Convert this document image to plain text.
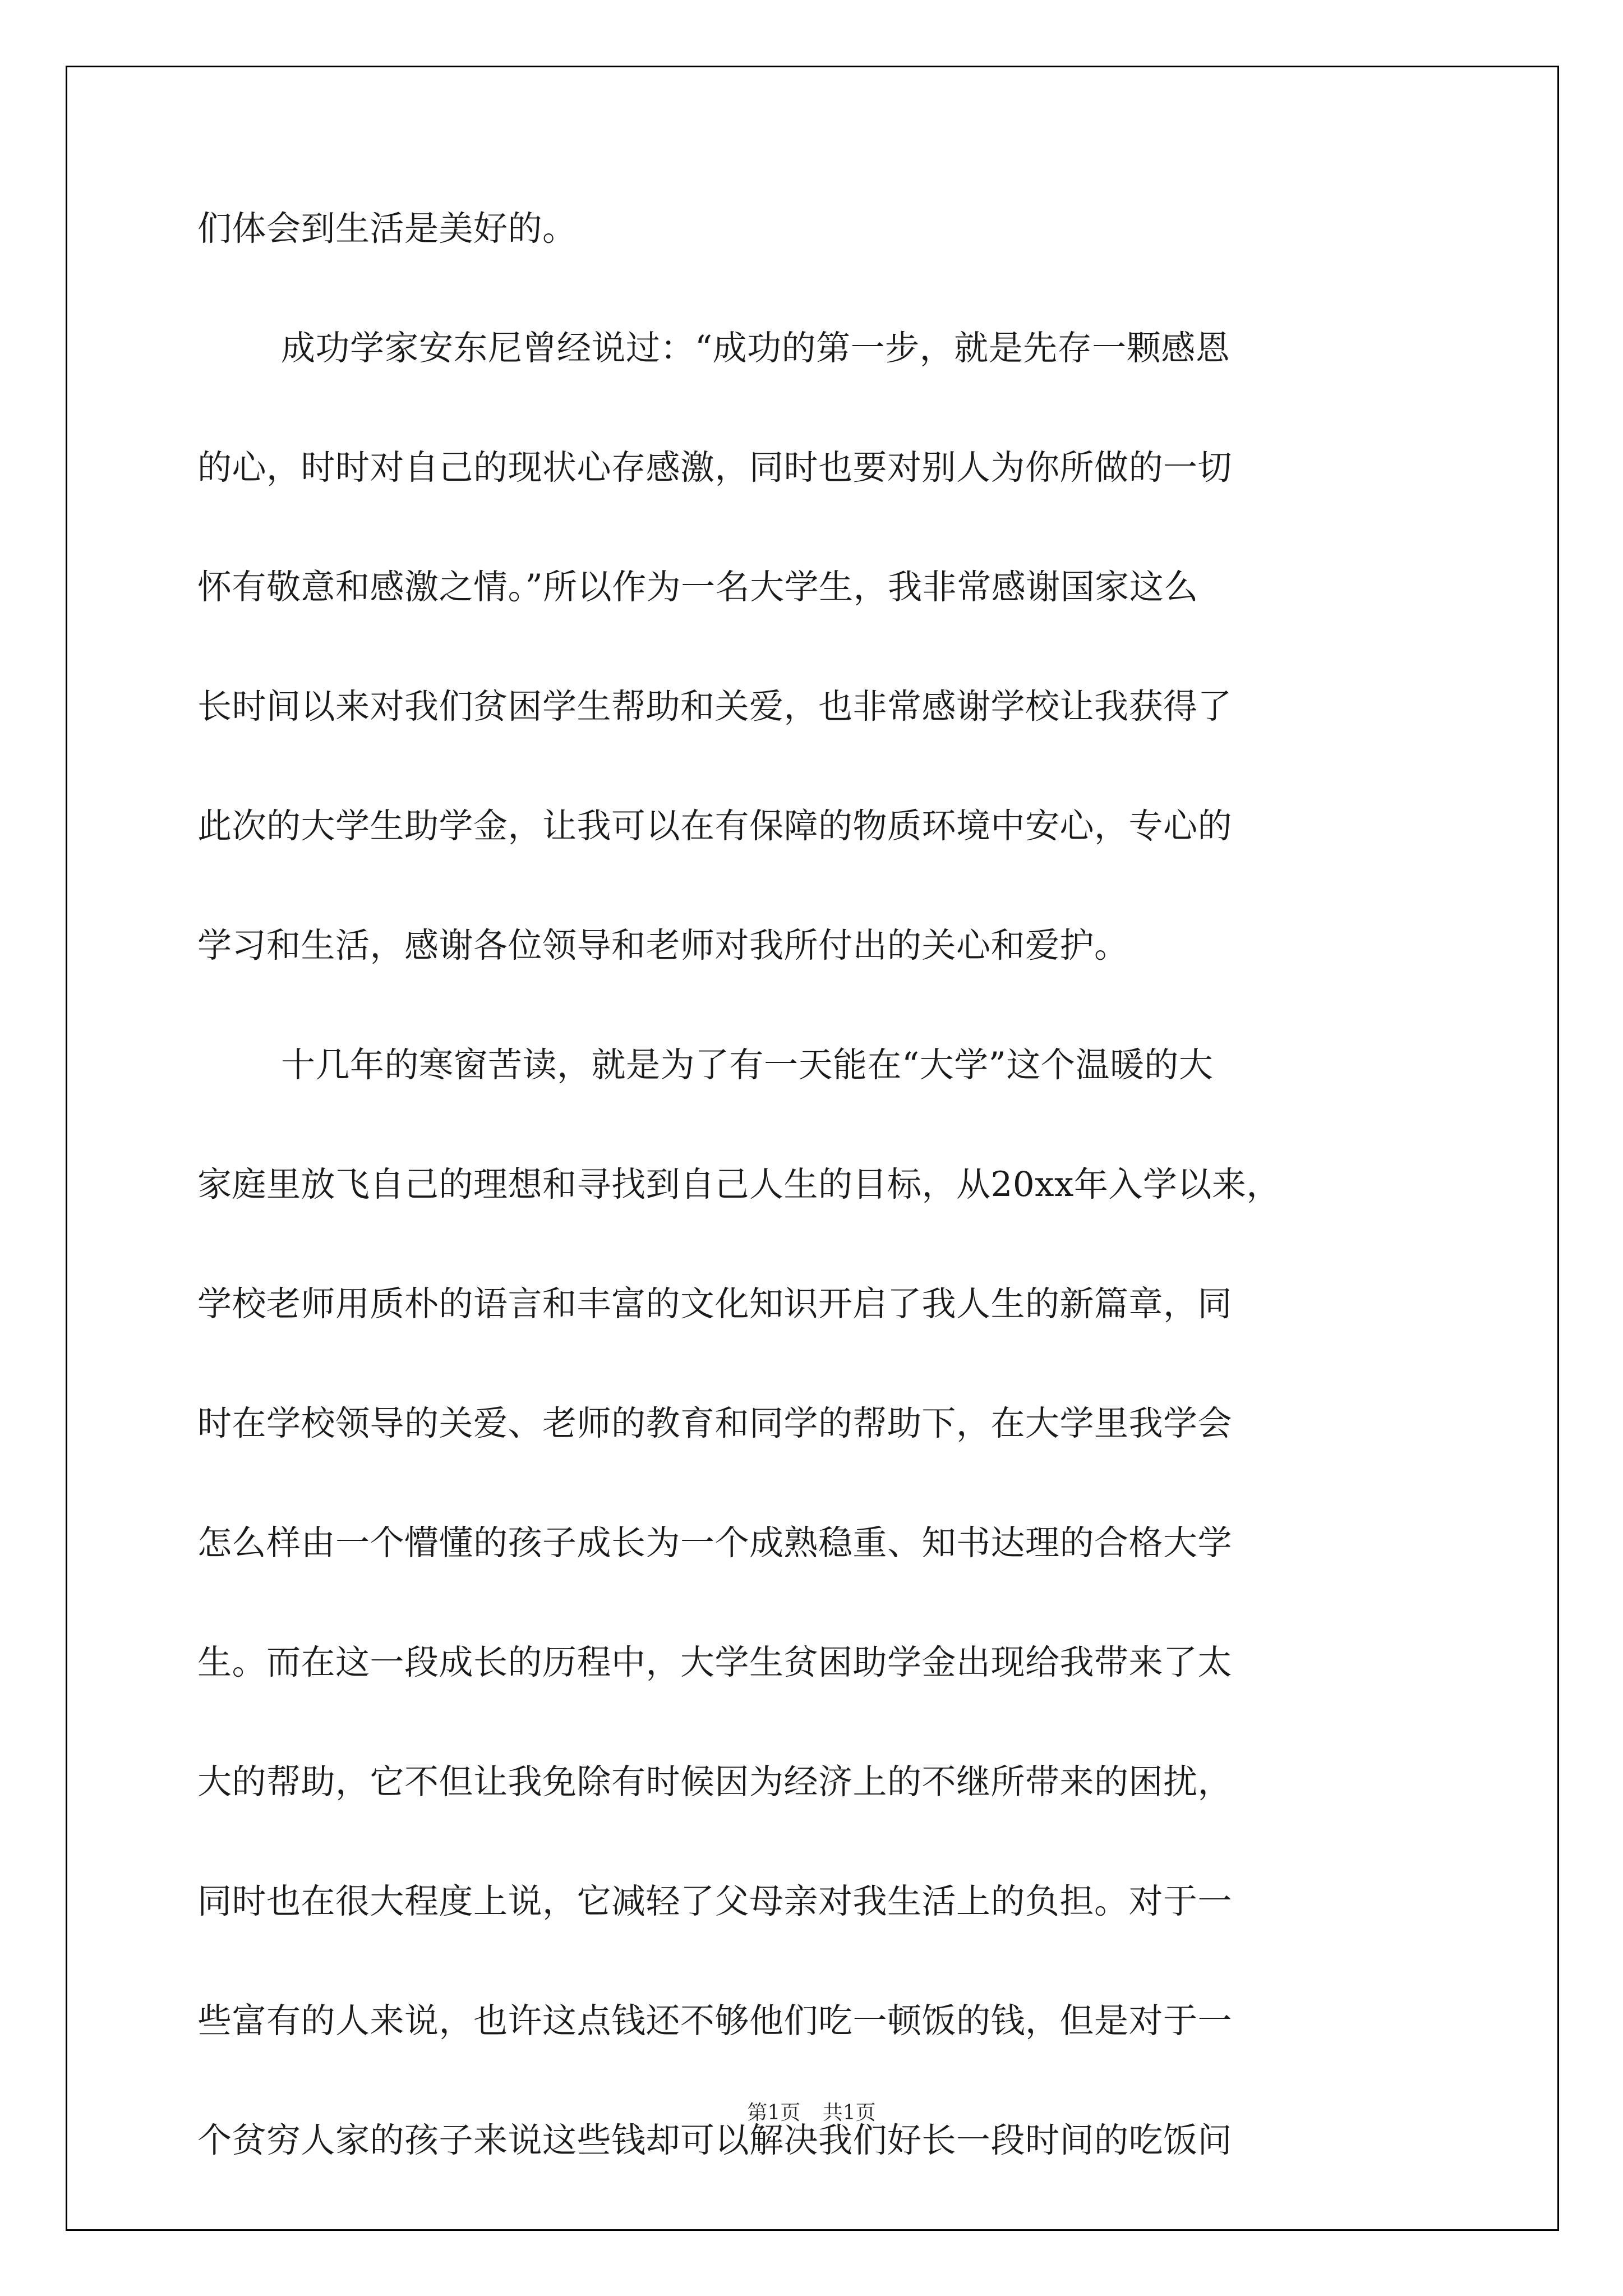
们体会到生活是美好的。
成功学家安东尼曾经说过：“成功的第一步，就是先存一颗感恩
的心，时时对自己的现状心存感激，同时也要对别人为你所做的一切
怀有敬意和感激之情。”所以作为一名大学生，我非常感谢国家这么
长时间以来对我们贫困学生帮助和关爱，也非常感谢学校让我获得了
此次的大学生助学金，让我可以在有保障的物质环境中安心，专心的
学习和生活，感谢各位领导和老师对我所付出的关心和爱护。
十几年的寒窗苦读，就是为了有一天能在“大学”这个温暖的大
家庭里放飞自己的理想和寻找到自己人生的目标，从20xx年入学以来，
学校老师用质朴的语言和丰富的文化知识开启了我人生的新篇章，同
时在学校领导的关爱、老师的教育和同学的帮助下，在大学里我学会
怎么样由一个懵懂的孩子成长为一个成熟稳重、知书达理的合格大学
生。而在这一段成长的历程中，大学生贫困助学金出现给我带来了太
大的帮助，它不但让我免除有时候因为经济上的不继所带来的困扰，
同时也在很大程度上说，它减轻了父母亲对我生活上的负担。对于一
些富有的人来说，也许这点钱还不够他们吃一顿饭的钱，但是对于一
个贫穷人家的孩子来说这些钱却可以解决我们好长一段时间的吃饭问
第1页 共1页
